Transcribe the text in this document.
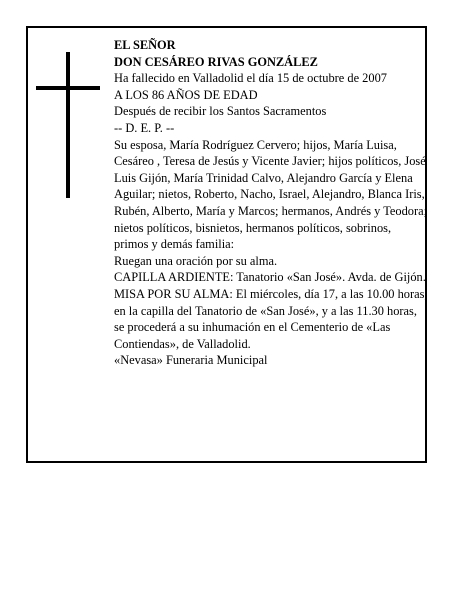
EL SEÑOR

DON CESÁREO RIVAS GONZÁLEZ

Ha fallecido en Valladolid el día 15 de octubre de 2007

A LOS 86 AÑOS DE EDAD

Después de recibir los Santos Sacramentos

-- D. E. P. --

Su esposa, María Rodríguez Cervero; hijos, María Luisa, Cesáreo , Teresa de Jesús y Vicente Javier; hijos políticos, José Luis Gijón, María Trinidad Calvo, Alejandro García y Elena Aguilar; nietos, Roberto, Nacho, Israel, Alejandro, Blanca Iris, Rubén, Alberto, María y Marcos; hermanos, Andrés y Teodora; nietos políticos, bisnietos, hermanos políticos, sobrinos, primos y demás familia:

Ruegan una oración por su alma.

CAPILLA ARDIENTE: Tanatorio «San José». Avda. de Gijón.

MISA POR SU ALMA: El miércoles, día 17, a las 10.00 horas, en la capilla del Tanatorio de «San José», y a las 11.30 horas, se procederá a su inhumación en el Cementerio de «Las Contiendas», de Valladolid.

«Nevasa» Funeraria Municipal
